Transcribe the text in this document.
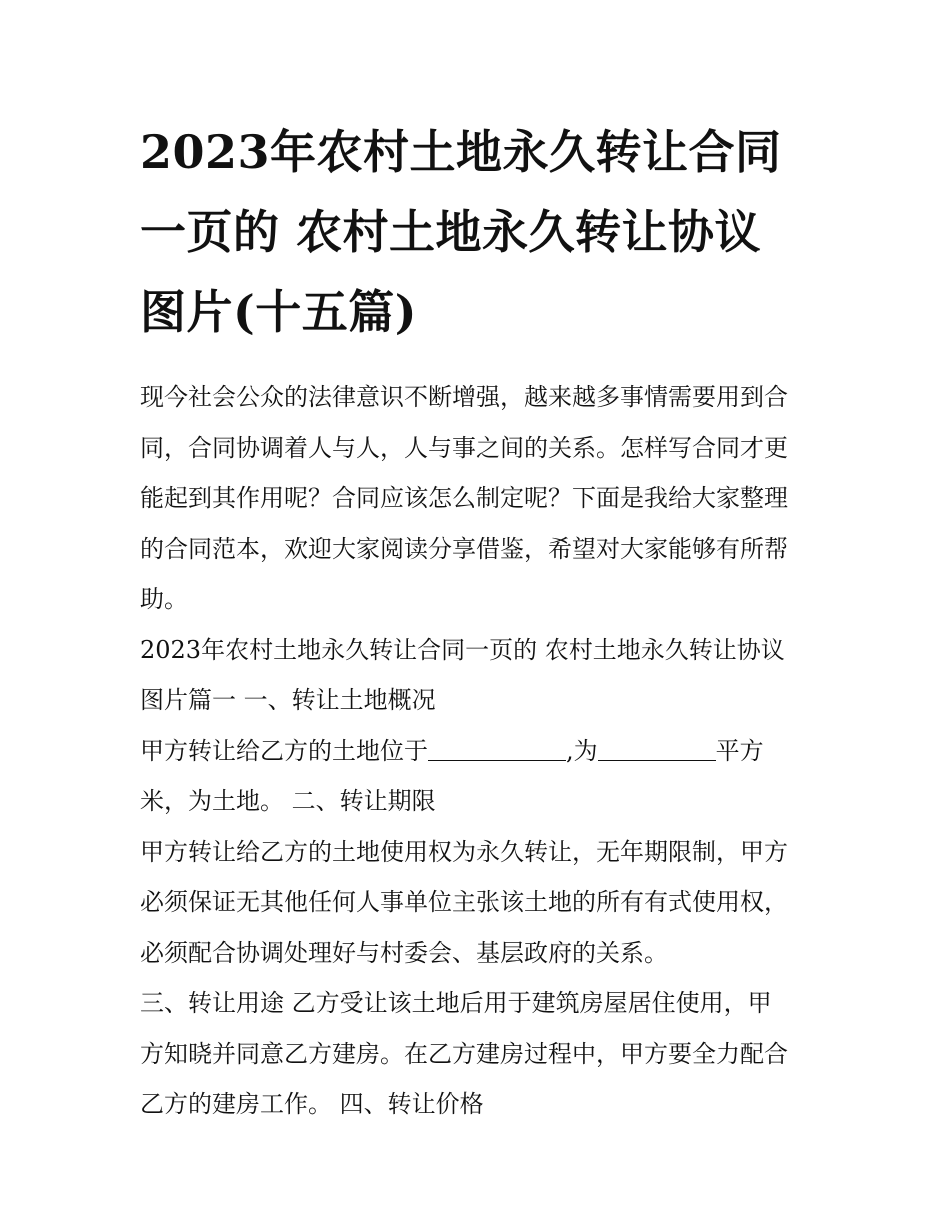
2023年农村土地永久转让合同
一页的 农村土地永久转让协议
图片(十五篇)

现今社会公众的法律意识不断增强，越来越多事情需要用到合
同，合同协调着人与人，人与事之间的关系。怎样写合同才更
能起到其作用呢？合同应该怎么制定呢？下面是我给大家整理
的合同范本，欢迎大家阅读分享借鉴，希望对大家能够有所帮
助。

2023年农村土地永久转让合同一页的 农村土地永久转让协议
图片篇一 一、转让土地概况

甲方转让给乙方的土地位于	,为	平方
米，为土地。 二、转让期限

甲方转让给乙方的土地使用权为永久转让，无年期限制，甲方
必须保证无其他任何人事单位主张该土地的所有有式使用权，
必须配合协调处理好与村委会、基层政府的关系。

三、转让用途 乙方受让该土地后用于建筑房屋居住使用，甲
方知晓并同意乙方建房。在乙方建房过程中，甲方要全力配合
乙方的建房工作。 四、转让价格
